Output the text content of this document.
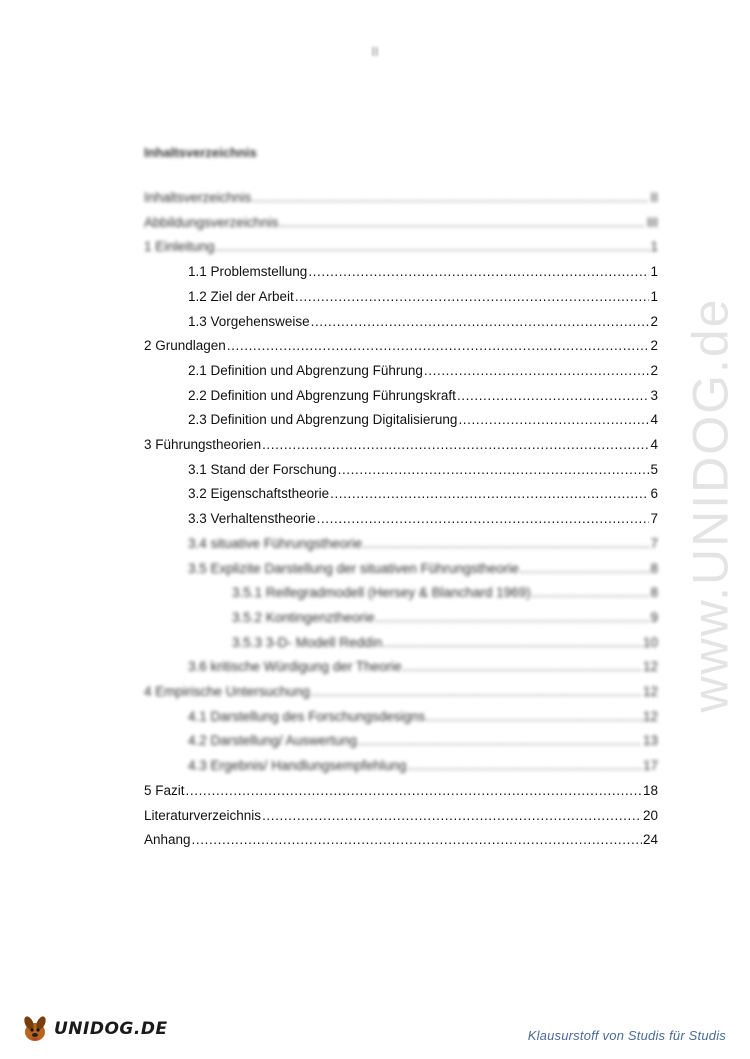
II
www.UNIDOG.de
Inhaltsverzeichnis
Inhaltsverzeichnis .....	II
Abbildungsverzeichnis .....	III
1 Einleitung .....	1
1.1 Problemstellung .....	1
1.2 Ziel der Arbeit .....	1
1.3 Vorgehensweise .....	2
2 Grundlagen .....	2
2.1 Definition und Abgrenzung Führung .....	2
2.2 Definition und Abgrenzung Führungskraft .....	3
2.3 Definition und Abgrenzung Digitalisierung .....	4
3 Führungstheorien .....	4
3.1 Stand der Forschung .....	5
3.2 Eigenschaftstheorie .....	6
3.3 Verhaltenstheorie .....	7
3.4 situative Führungstheorie .....	7
3.5 Explizite Darstellung der situativen Führungstheorie .....	8
3.5.1 Reifegradmodell (Hersey & Blanchard 1969) .....	8
3.5.2 Kontingenztheorie .....	9
3.5.3 3-D- Modell Reddin .....	10
3.6 kritische Würdigung der Theorie .....	12
4 Empirische Untersuchung .....	12
4.1 Darstellung des Forschungsdesigns .....	12
4.2 Darstellung/ Auswertung .....	13
4.3 Ergebnis/ Handlungsempfehlung .....	17
5 Fazit .....	18
Literaturverzeichnis .....	20
Anhang .....	24
UNIDOG.DE	Klausurstoff von Studis für Studis
